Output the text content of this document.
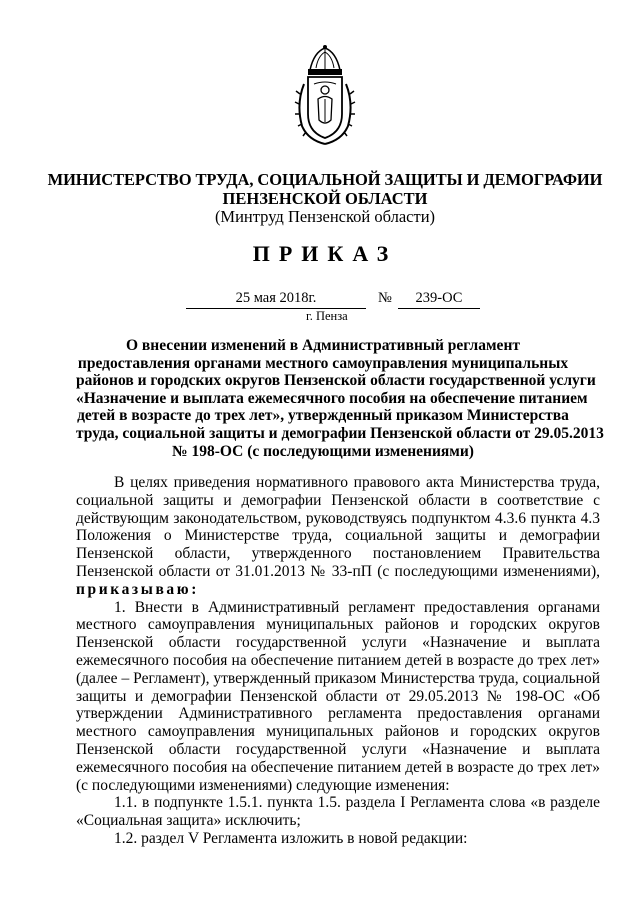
МИНИСТЕРСТВО ТРУДА, СОЦИАЛЬНОЙ ЗАЩИТЫ И ДЕМОГРАФИИ
ПЕНЗЕНСКОЙ ОБЛАСТИ
(Минтруд Пензенской области)
ПРИКАЗ
25 мая 2018г.	№	239-ОС
г. Пенза
О внесении изменений в Административный регламент
предоставления органами местного самоуправления муниципальных
районов и городских округов Пензенской области государственной услуги
«Назначение и выплата ежемесячного пособия на обеспечение питанием
детей в возрасте до трех лет», утвержденный приказом Министерства
труда, социальной защиты и демографии Пензенской области от 29.05.2013
№ 198-ОС (с последующими изменениями)

В целях приведения нормативного правового акта Министерства труда, социальной защиты и демографии Пензенской области в соответствие с действующим законодательством, руководствуясь подпунктом 4.3.6 пункта 4.3 Положения о Министерстве труда, социальной защиты и демографии Пензенской области, утвержденного постановлением Правительства Пензенской области от 31.01.2013 № 33-пП (с последующими изменениями), приказываю:

1. Внести в Административный регламент предоставления органами местного самоуправления муниципальных районов и городских округов Пензенской области государственной услуги «Назначение и выплата ежемесячного пособия на обеспечение питанием детей в возрасте до трех лет» (далее – Регламент), утвержденный приказом Министерства труда, социальной защиты и демографии Пензенской области от 29.05.2013 № 198-ОС «Об утверждении Административного регламента предоставления органами местного самоуправления муниципальных районов и городских округов Пензенской области государственной услуги «Назначение и выплата ежемесячного пособия на обеспечение питанием детей в возрасте до трех лет» (с последующими изменениями) следующие изменения:

1.1. в подпункте 1.5.1. пункта 1.5. раздела I Регламента слова «в разделе «Социальная защита» исключить;

1.2. раздел V Регламента изложить в новой редакции:
